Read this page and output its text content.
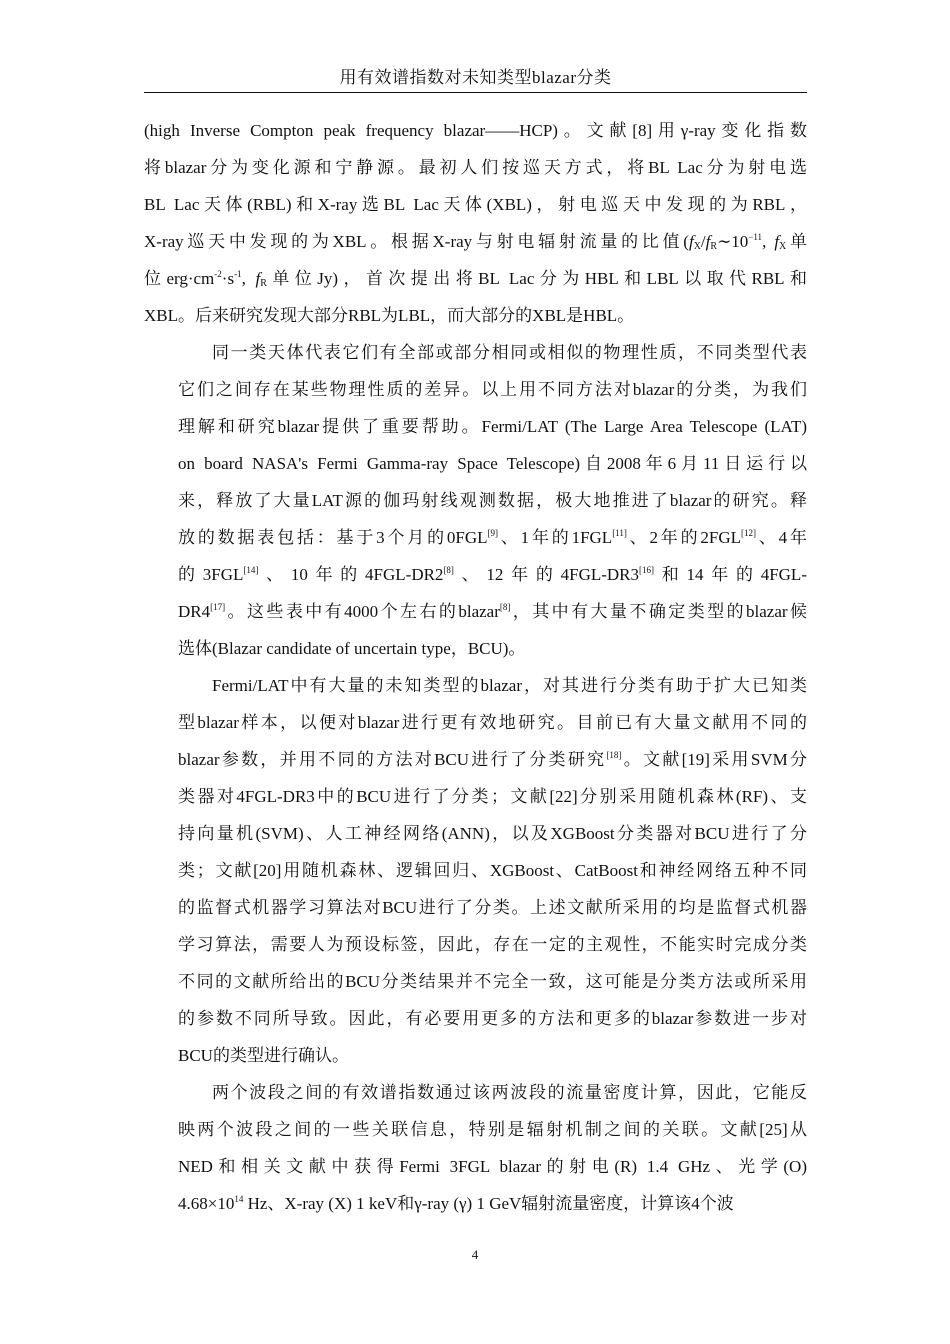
用有效谱指数对未知类型blazar分类
(high Inverse Compton peak frequency blazar——HCP)。文献[8]用γ-ray变化指数
将blazar分为变化源和宁静源。最初人们按巡天方式，将BL Lac分为射电选
BL Lac天体(RBL)和X-ray选BL Lac天体(XBL)，射电巡天中发现的为RBL，
X-ray巡天中发现的为XBL。根据X-ray与射电辐射流量的比值($f_X/f_R\sim 10^{-11}$, $f_X$单
位$erg\cdot cm^{-2}\cdot s^{-1}$, $f_R$单位Jy)，首次提出将BL Lac分为HBL和LBL以取代RBL和
XBL。后来研究发现大部分RBL为LBL，而大部分的XBL是HBL。
同一类天体代表它们有全部或部分相同或相似的物理性质，不同类型代表
它们之间存在某些物理性质的差异。以上用不同方法对blazar的分类，为我们
理解和研究blazar提供了重要帮助。Fermi/LAT (The Large Area Telescope (LAT)
on board NASA's Fermi Gamma-ray Space Telescope)自2008年6月11日运行以
来，释放了大量LAT源的伽玛射线观测数据，极大地推进了blazar的研究。释
放的数据表包括：基于3个月的0FGL[9]、1年的1FGL[11]、2年的2FGL[12]、4年
的3FGL[14]、10年的4FGL-DR2[8]、12年的4FGL-DR3[16]和14年的4FGL-
DR4[17]。这些表中有4000个左右的blazar[8]，其中有大量不确定类型的blazar候
选体(Blazar candidate of uncertain type，BCU)。
Fermi/LAT中有大量的未知类型的blazar，对其进行分类有助于扩大已知类
型blazar样本，以便对blazar进行更有效地研究。目前已有大量文献用不同的
blazar参数，并用不同的方法对BCU进行了分类研究[18]。文献[19]采用SVM分
类器对4FGL-DR3中的BCU进行了分类；文献[22]分别采用随机森林(RF)、支
持向量机(SVM)、人工神经网络(ANN)，以及XGBoost分类器对BCU进行了分
类；文献[20]用随机森林、逻辑回归、XGBoost、CatBoost和神经网络五种不同
的监督式机器学习算法对BCU进行了分类。上述文献所采用的均是监督式机器
学习算法，需要人为预设标签，因此，存在一定的主观性，不能实时完成分类
不同的文献所给出的BCU分类结果并不完全一致，这可能是分类方法或所采用
的参数不同所导致。因此，有必要用更多的方法和更多的blazar参数进一步对
BCU的类型进行确认。
两个波段之间的有效谱指数通过该两波段的流量密度计算，因此，它能反
映两个波段之间的一些关联信息，特别是辐射机制之间的关联。文献[25]从
NED和相关文献中获得Fermi 3FGL blazar的射电(R) 1.4 GHz、光学(O)
$4.68\times 10^{14}$ Hz、X-ray (X) 1 keV和γ-ray (γ) 1 GeV辐射流量密度，计算该4个波
4
